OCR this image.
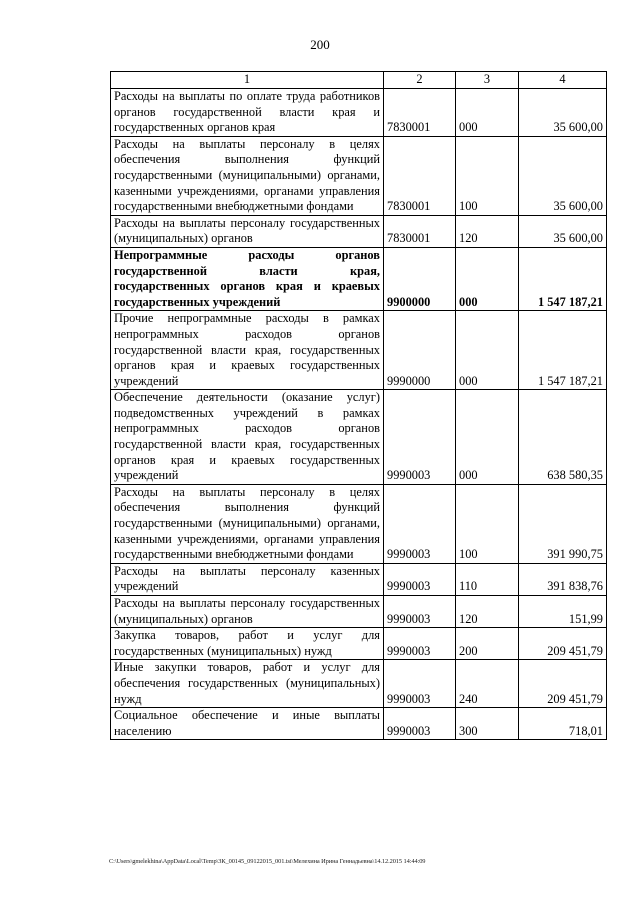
200
1	2	3	4
Расходы на выплаты по оплате труда работников органов государственной власти края и государственных органов края	7830001	000	35 600,00
Расходы на выплаты персоналу в целях обеспечения выполнения функций государственными (муниципальными) органами, казенными учреждениями, органами управления государственными внебюджетными фондами	7830001	100	35 600,00
Расходы на выплаты персоналу государственных (муниципальных) органов	7830001	120	35 600,00
Непрограммные расходы органов государственной власти края, государственных органов края и краевых государственных учреждений	9900000	000	1 547 187,21
Прочие непрограммные расходы в рамках непрограммных расходов органов государственной власти края, государственных органов края и краевых государственных учреждений	9990000	000	1 547 187,21
Обеспечение деятельности (оказание услуг) подведомственных учреждений в рамках непрограммных расходов органов государственной власти края, государственных органов края и краевых государственных учреждений	9990003	000	638 580,35
Расходы на выплаты персоналу в целях обеспечения выполнения функций государственными (муниципальными) органами, казенными учреждениями, органами управления государственными внебюджетными фондами	9990003	100	391 990,75
Расходы на выплаты персоналу казенных учреждений	9990003	110	391 838,76
Расходы на выплаты персоналу государственных (муниципальных) органов	9990003	120	151,99
Закупка товаров, работ и услуг для государственных (муниципальных) нужд	9990003	200	209 451,79
Иные закупки товаров, работ и услуг для обеспечения государственных (муниципальных) нужд	9990003	240	209 451,79
Социальное обеспечение и иные выплаты населению	9990003	300	718,01
C:\Users\gmelekhina\AppData\Local\Temp\ЗК_00145_09122015_001.tsi\Мелехина Ирина Геннадьевна\14.12.2015 14:44:09
